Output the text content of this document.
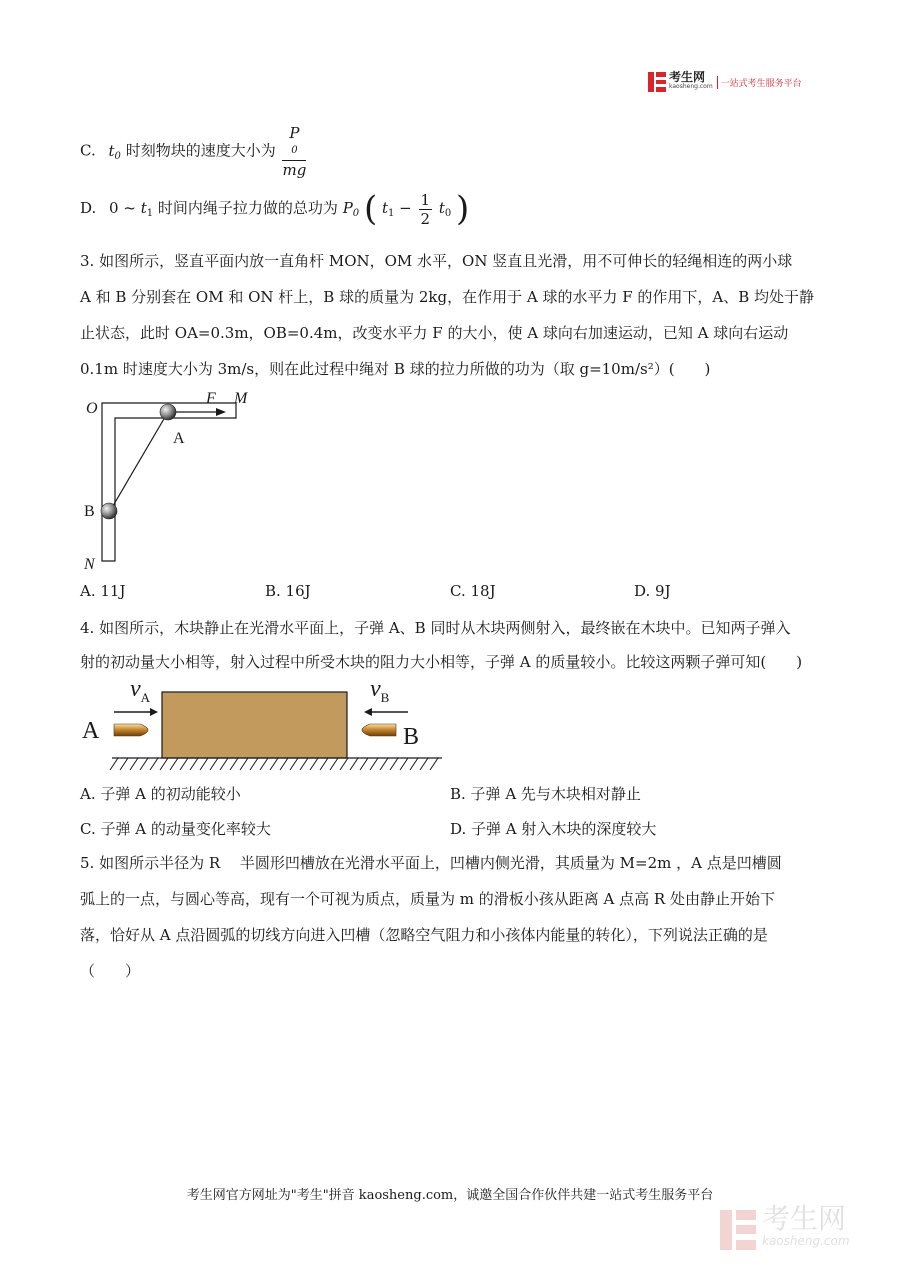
考生网
kaosheng.com 一站式考生服务平台
C. $t_0$ 时刻物块的速度大小为 P
0
mg
D. 0 ~ $t_1$ 时间内绳子拉力做的总功为 $P_0$ ( $t_1 - \frac{1}{2} t_0$ )
3. 如图所示，竖直平面内放一直角杆 MON，OM 水平，ON 竖直且光滑，用不可伸长的轻绳相连的两小球
A 和 B 分别套在 OM 和 ON 杆上，B 球的质量为 2kg，在作用于 A 球的水平力 F 的作用下，A、B 均处于静
止状态，此时 OA=0.3m，OB=0.4m，改变水平力 F 的大小，使 A 球向右加速运动，已知 A 球向右运动
0.1m 时速度大小为 3m/s，则在此过程中绳对 B 球的拉力所做的功为（取 g=10m/s²）(　　)
O
F M
A
B
N
A. 11J	B. 16J	C. 18J	D. 9J
4. 如图所示，木块静止在光滑水平面上，子弹 A、B 同时从木块两侧射入，最终嵌在木块中。已知两子弹入
射的初动量大小相等，射入过程中所受木块的阻力大小相等，子弹 A 的质量较小。比较这两颗子弹可知(　　)
$v_A$	$v_B$
A	B
A. 子弹 A 的初动能较小	B. 子弹 A 先与木块相对静止
C. 子弹 A 的动量变化率较大	D. 子弹 A 射入木块的深度较大
5. 如图所示半径为 R 　半圆形凹槽放在光滑水平面上，凹槽内侧光滑，其质量为 M=2m ，A 点是凹槽圆
弧上的一点，与圆心等高，现有一个可视为质点，质量为 m 的滑板小孩从距离 A 点高 R 处由静止开始下
落，恰好从 A 点沿圆弧的切线方向进入凹槽（忽略空气阻力和小孩体内能量的转化），下列说法正确的是
（　　）
考生网官方网址为"考生"拼音 kaosheng.com，诚邀全国合作伙伴共建一站式考生服务平台
考生网
kaosheng.com
